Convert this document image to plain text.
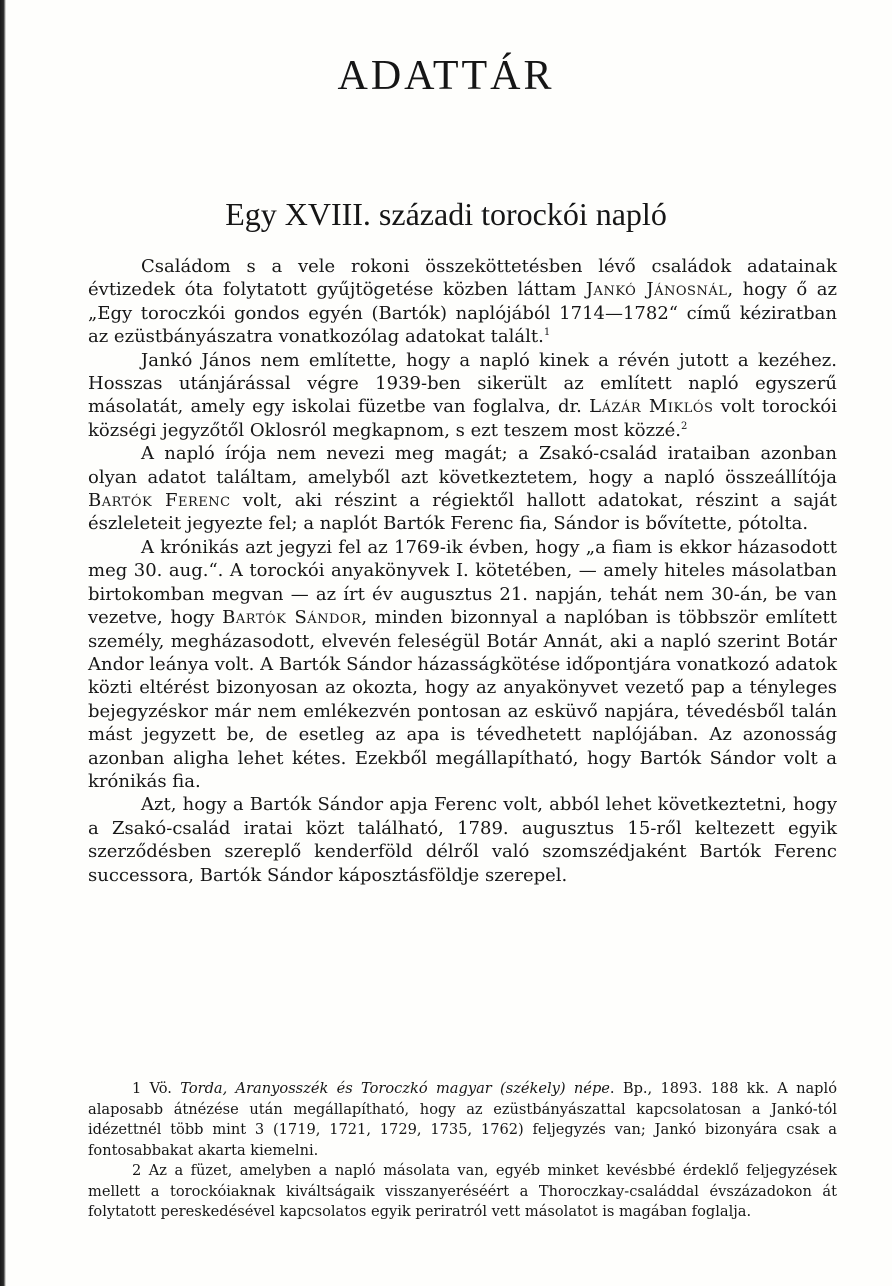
ADATTÁR
Egy XVIII. századi torockói napló

Családom s a vele rokoni összeköttetésben lévő családok adatainak évtizedek óta folytatott gyűjtögetése közben láttam Jankó Jánosnál, hogy ő az „Egy toroczkói gondos egyén (Bartók) naplójából 1714—1782“ című kéziratban az ezüstbányászatra vonatkozólag adatokat talált.$^1$

Jankó János nem említette, hogy a napló kinek a révén jutott a kezéhez. Hosszas utánjárással végre 1939-ben sikerült az említett napló egyszerű másolatát, amely egy iskolai füzetbe van foglalva, dr. Lázár Miklós volt torockói községi jegyzőtől Oklosról megkapnom, s ezt teszem most közzé.$^2$

A napló írója nem nevezi meg magát; a Zsakó-család irataiban azonban olyan adatot találtam, amelyből azt következtetem, hogy a napló összeállítója Bartók Ferenc volt, aki részint a régiektől hallott adatokat, részint a saját észleleteit jegyezte fel; a naplót Bartók Ferenc fia, Sándor is bővítette, pótolta.

A krónikás azt jegyzi fel az 1769-ik évben, hogy „a fiam is ekkor házasodott meg 30. aug.“. A torockói anyakönyvek I. kötetében, — amely hiteles másolatban birtokomban megvan — az írt év augusztus 21. napján, tehát nem 30-án, be van vezetve, hogy Bartók Sándor, minden bizonnyal a naplóban is többször említett személy, megházasodott, elvevén feleségül Botár Annát, aki a napló szerint Botár Andor leánya volt. A Bartók Sándor házasságkötése időpontjára vonatkozó adatok közti eltérést bizonyosan az okozta, hogy az anyakönyvet vezető pap a tényleges bejegyzéskor már nem emlékezvén pontosan az esküvő napjára, tévedésből talán mást jegyzett be, de esetleg az apa is tévedhetett naplójában. Az azonosság azonban aligha lehet kétes. Ezekből megállapítható, hogy Bartók Sándor volt a krónikás fia.

Azt, hogy a Bartók Sándor apja Ferenc volt, abból lehet következtetni, hogy a Zsakó-család iratai közt található, 1789. augusztus 15-ről keltezett egyik szerződésben szereplő kenderföld délről való szomszédjaként Bartók Ferenc successora, Bartók Sándor káposztásföldje szerepel.

1 Vö. Torda, Aranyosszék és Toroczkó magyar (székely) népe. Bp., 1893. 188 kk. A napló alaposabb átnézése után megállapítható, hogy az ezüstbányászattal kapcsolatosan a Jankó-tól idézettnél több mint 3 (1719, 1721, 1729, 1735, 1762) feljegyzés van; Jankó bizonyára csak a fontosabbakat akarta kiemelni.

2 Az a füzet, amelyben a napló másolata van, egyéb minket kevésbbé érdeklő feljegyzések mellett a torockóiaknak kiváltságaik visszanyeréséért a Thoroczkay-családdal évszázadokon át folytatott pereskedésével kapcsolatos egyik periratról vett másolatot is magában foglalja.
